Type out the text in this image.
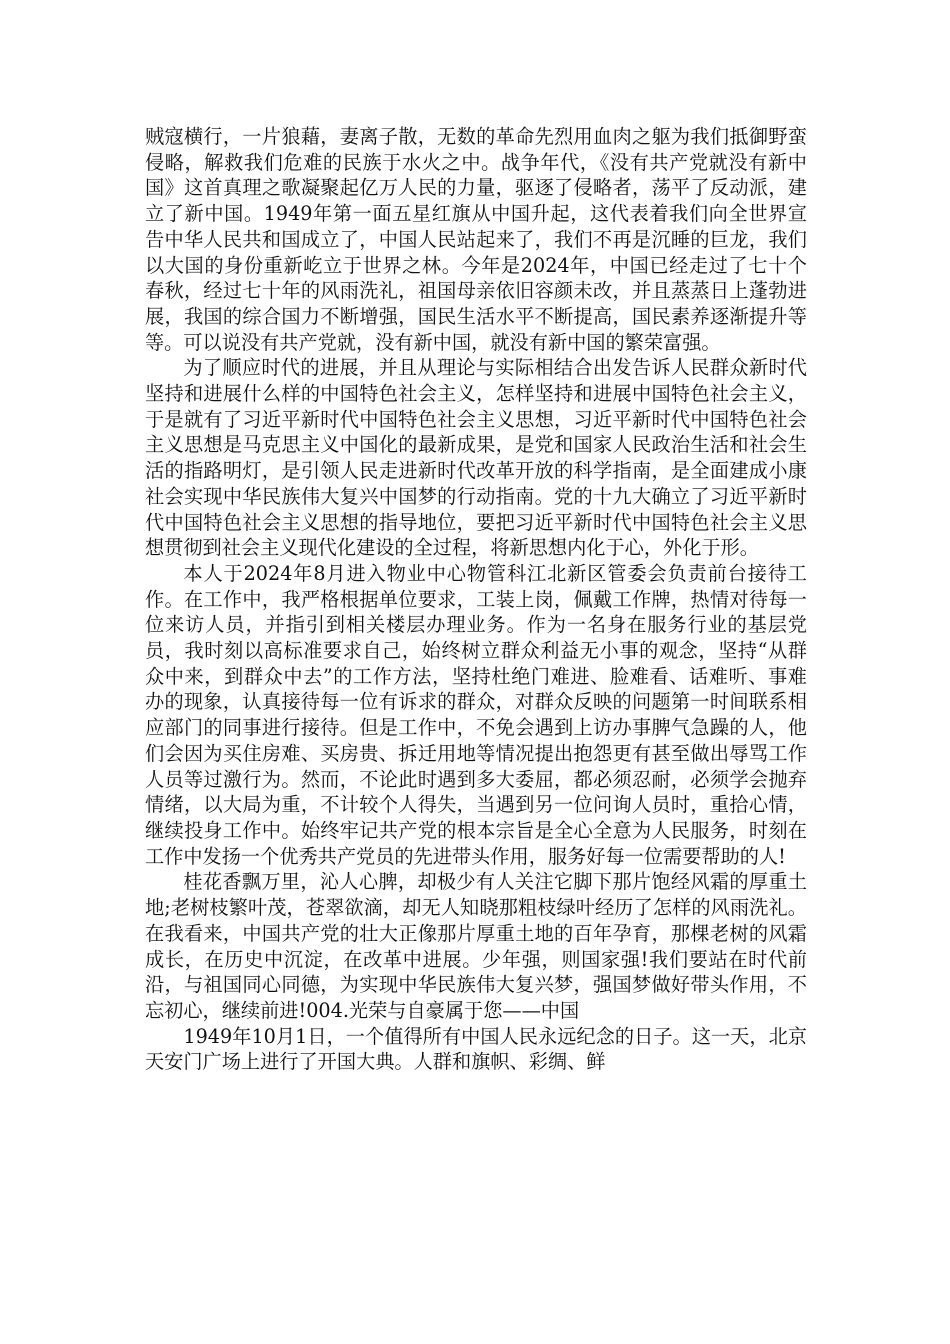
贼寇横行，一片狼藉，妻离子散，无数的革命先烈用血肉之躯为我们抵御野蛮侵略，解救我们危难的民族于水火之中。战争年代，《没有共产党就没有新中国》这首真理之歌凝聚起亿万人民的力量，驱逐了侵略者，荡平了反动派，建立了新中国。1949年第一面五星红旗从中国升起，这代表着我们向全世界宣告中华人民共和国成立了，中国人民站起来了，我们不再是沉睡的巨龙，我们以大国的身份重新屹立于世界之林。今年是2024年，中国已经走过了七十个春秋，经过七十年的风雨洗礼，祖国母亲依旧容颜未改，并且蒸蒸日上蓬勃进展，我国的综合国力不断增强，国民生活水平不断提高，国民素养逐渐提升等等。可以说没有共产党就，没有新中国，就没有新中国的繁荣富强。

为了顺应时代的进展，并且从理论与实际相结合出发告诉人民群众新时代坚持和进展什么样的中国特色社会主义，怎样坚持和进展中国特色社会主义，于是就有了习近平新时代中国特色社会主义思想，习近平新时代中国特色社会主义思想是马克思主义中国化的最新成果，是党和国家人民政治生活和社会生活的指路明灯，是引领人民走进新时代改革开放的科学指南，是全面建成小康社会实现中华民族伟大复兴中国梦的行动指南。党的十九大确立了习近平新时代中国特色社会主义思想的指导地位，要把习近平新时代中国特色社会主义思想贯彻到社会主义现代化建设的全过程，将新思想内化于心，外化于形。

本人于2024年8月进入物业中心物管科江北新区管委会负责前台接待工作。在工作中，我严格根据单位要求，工装上岗，佩戴工作牌，热情对待每一位来访人员，并指引到相关楼层办理业务。作为一名身在服务行业的基层党员，我时刻以高标准要求自己，始终树立群众利益无小事的观念，坚持“从群众中来，到群众中去”的工作方法，坚持杜绝门难进、脸难看、话难听、事难办的现象，认真接待每一位有诉求的群众，对群众反映的问题第一时间联系相应部门的同事进行接待。但是工作中，不免会遇到上访办事脾气急躁的人，他们会因为买住房难、买房贵、拆迁用地等情况提出抱怨更有甚至做出辱骂工作人员等过激行为。然而，不论此时遇到多大委屈，都必须忍耐，必须学会抛弃情绪，以大局为重，不计较个人得失，当遇到另一位问询人员时，重拾心情，继续投身工作中。始终牢记共产党的根本宗旨是全心全意为人民服务，时刻在工作中发扬一个优秀共产党员的先进带头作用，服务好每一位需要帮助的人!

桂花香飘万里，沁人心脾，却极少有人关注它脚下那片饱经风霜的厚重土地;老树枝繁叶茂，苍翠欲滴，却无人知晓那粗枝绿叶经历了怎样的风雨洗礼。在我看来，中国共产党的壮大正像那片厚重土地的百年孕育，那棵老树的风霜成长，在历史中沉淀，在改革中进展。少年强，则国家强!我们要站在时代前沿，与祖国同心同德，为实现中华民族伟大复兴梦，强国梦做好带头作用，不忘初心，继续前进!004.光荣与自豪属于您——中国

1949年10月1日，一个值得所有中国人民永远纪念的日子。这一天，北京天安门广场上进行了开国大典。人群和旗帜、彩绸、鲜
